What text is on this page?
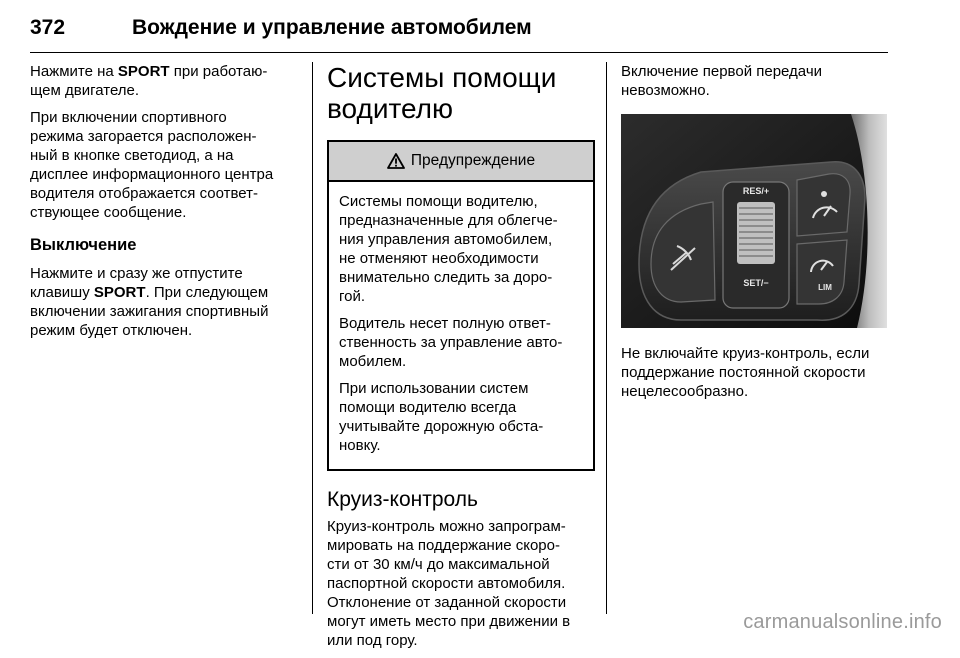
372	Вождение и управление автомобилем

Нажмите на SPORT при работаю-
щем двигателе.

При включении спортивного
режима загорается расположен-
ный в кнопке светодиод, а на
дисплее информационного центра
водителя отображается соответ-
ствующее сообщение.

Выключение

Нажмите и сразу же отпустите
клавишу SPORT. При следующем
включении зажигания спортивный
режим будет отключен.

Системы помощи
водителю
Предупреждение

Системы помощи водителю,
предназначенные для облегче-
ния управления автомобилем,
не отменяют необходимости
внимательно следить за доро-
гой.

Водитель несет полную ответ-
ственность за управление авто-
мобилем.

При использовании систем
помощи водителю всегда
учитывайте дорожную обста-
новку.

Круиз-контроль

Круиз-контроль можно запрограм-
мировать на поддержание скоро-
сти от 30 км/ч до максимальной
паспортной скорости автомобиля.
Отклонение от заданной скорости
могут иметь место при движении в
или под гору.

Включение первой передачи
невозможно.

RES/+
SET/−	LIM

Не включайте круиз-контроль, если
поддержание постоянной скорости
нецелесообразно.

carmanualsonline.info
